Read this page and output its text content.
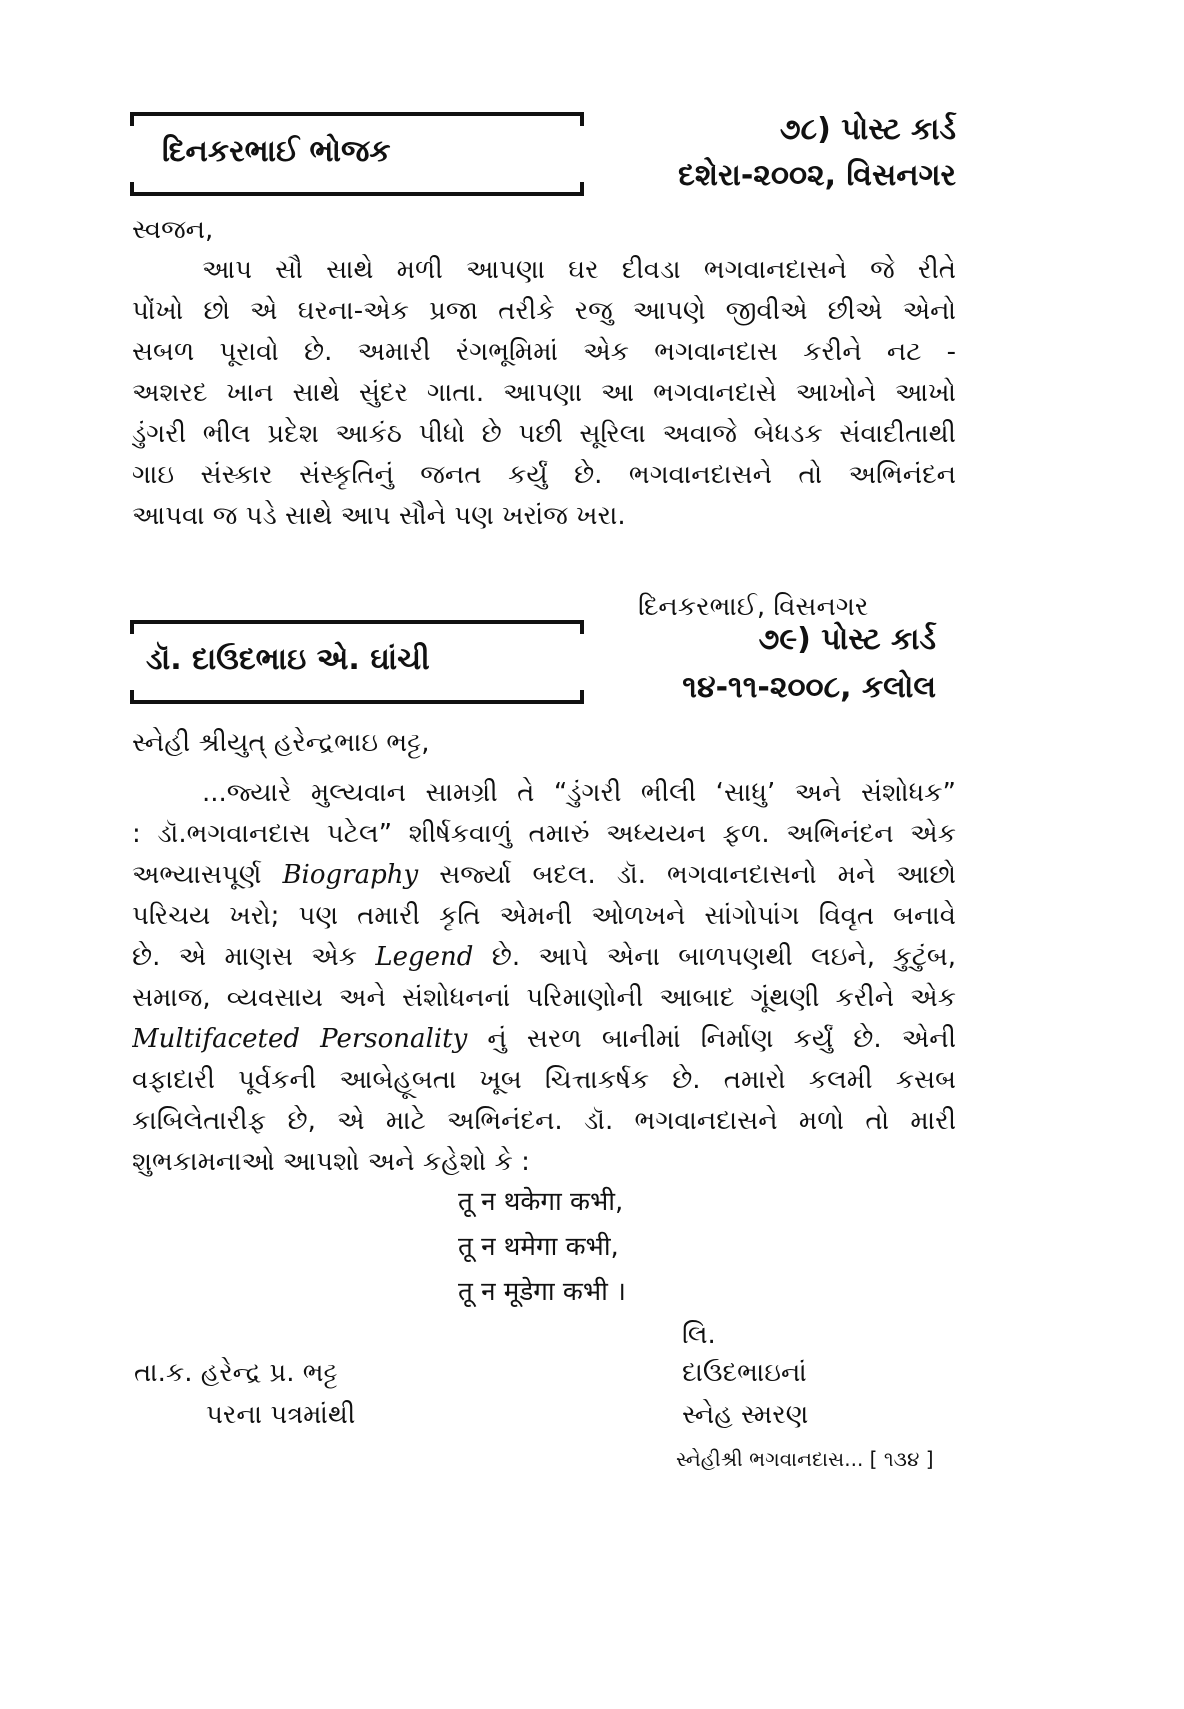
દિનકરભાઈ ભોજક
૭૮) પોસ્ટ કાર્ડ
દશેરા-૨૦૦૨, વિસનગર
સ્વજન,
આપ સૌ સાથે મળી આપણા ઘર દીવડા ભગવાનદાસને જે રીતે
પોંખો છો એ ઘરના-એક પ્રજા તરીકે રજુ આપણે જીવીએ છીએ એનો
સબળ પૂરાવો છે. અમારી રંગભૂમિમાં એક ભગવાનદાસ કરીને નટ -
અશરદ ખાન સાથે સુંદર ગાતા. આપણા આ ભગવાનદાસે આખોને આખો
ડુંગરી ભીલ પ્રદેશ આકંઠ પીધો છે પછી સૂરિલા અવાજે બેધડક સંવાદીતાથી
ગાઇ સંસ્કાર સંસ્કૃતિનું જનત કર્યું છે. ભગવાનદાસને તો અભિનંદન
આપવા જ પડે સાથે આપ સૌને પણ ખરાંજ ખરા.
દિનકરભાઈ, વિસનગર
ડૉ. દાઉદભાઇ એ. ઘાંચી
૭૯) પોસ્ટ કાર્ડ
૧૪-૧૧-૨૦૦૮, કલોલ
સ્નેહી શ્રીયુત્ હરેન્દ્રભાઇ ભટ્ટ,
...જ્યારે મુલ્યવાન સામગ્રી તે “ડુંગરી ભીલી ‘સાધુ’ અને સંશોધક”
: ડૉ.ભગવાનદાસ પટેલ” શીર્ષકવાળું તમારું અધ્યયન ફળ. અભિનંદન એક
અભ્યાસપૂર્ણ Biography સર્જ્યા બદલ. ડૉ. ભગવાનદાસનો મને આછો
પરિચય ખરો; પણ તમારી કૃતિ એમની ઓળખને સાંગોપાંગ વિવૃત બનાવે
છે. એ માણસ એક Legend છે. આપે એના બાળપણથી લઇને, કુટુંબ,
સમાજ, વ્યવસાય અને સંશોધનનાં પરિમાણોની આબાદ ગૂંથણી કરીને એક
Multifaceted Personality નું સરળ બાનીમાં નિર્માણ કર્યું છે. એની
વફાદારી પૂર્વકની આબેહૂબતા ખૂબ ચિત્તાકર્ષક છે. તમારો કલમી કસબ
કાબિલેતારીફ છે, એ માટે અભિનંદન. ડૉ. ભગવાનદાસને મળો તો મારી
શુભકામનાઓ આપશો અને કહેશો કે :
तू न थकेगा कभी,
तू न थमेगा कभी,
तू न मूडेगा कभी ।
લિ.
દાઉદભાઇનાં
સ્નેહ સ્મરણ
તા.ક. હરેન્દ્ર પ્ર. ભટ્ટ
પરના પત્રમાંથી
સ્નેહીશ્રી ભગવાનદાસ... [ ૧૩૪ ]
